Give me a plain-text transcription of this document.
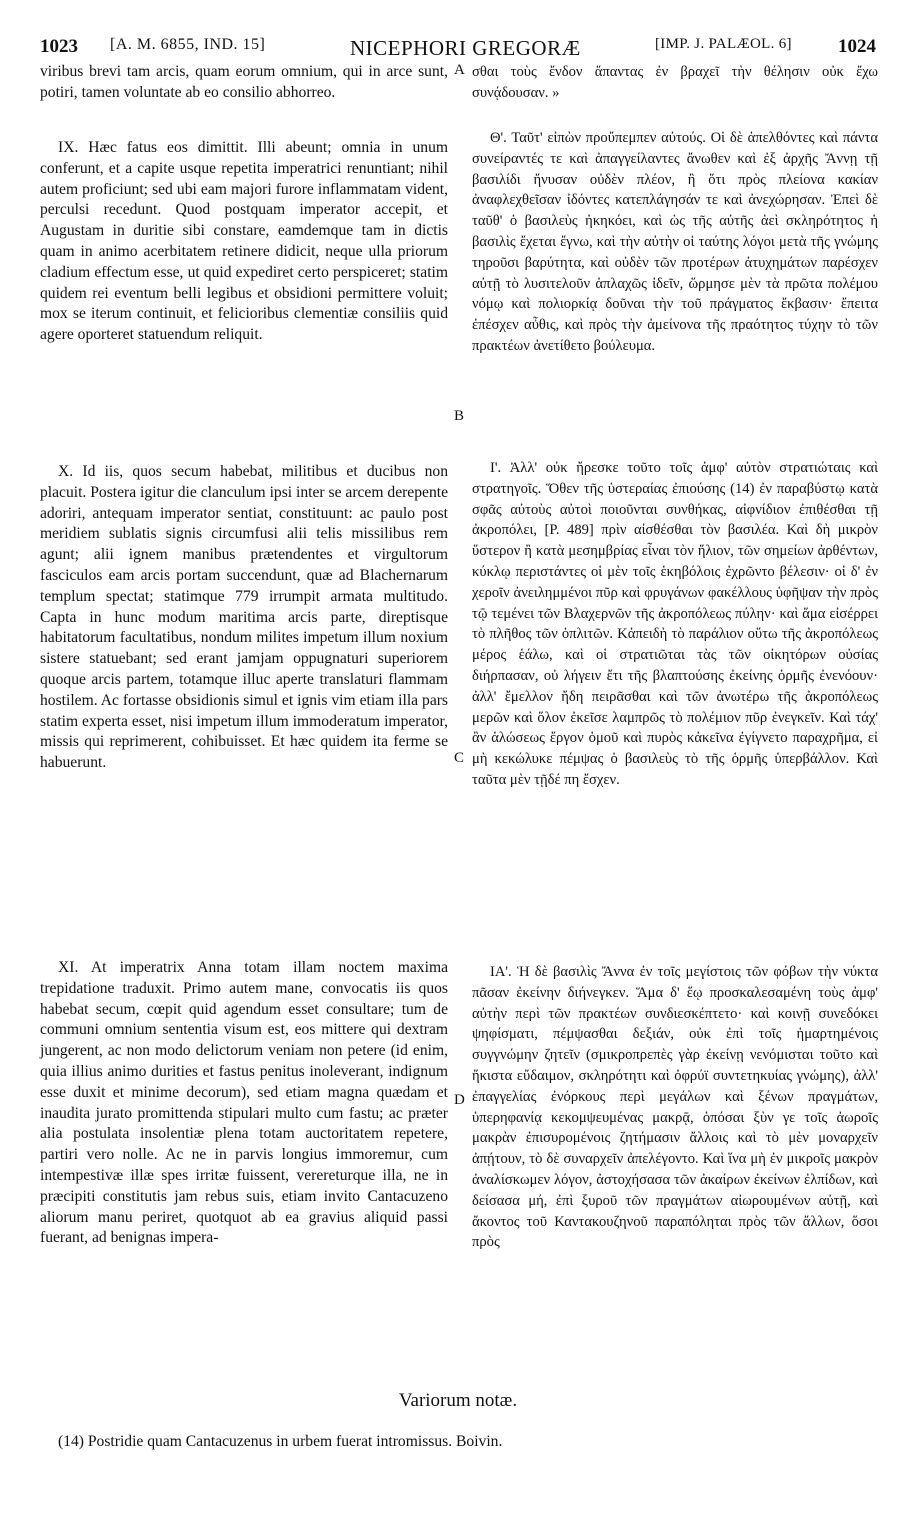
1023 [A. M. 6855, IND. 15]	NICEPHORI GREGORÆ	[IMP. J. PALÆOL. 6] 1024

viribus brevi tam arcis, quam eorum omnium, qui in arce sunt, potiri, tamen voluntate ab eo consilio abhorreo.

IX. Hæc fatus eos dimittit. Illi abeunt; omnia in unum conferunt, et a capite usque repetita imperatrici renuntiant; nihil autem proficiunt; sed ubi eam majori furore inflammatam vident, perculsi recedunt. Quod postquam imperator accepit, et Augustam in duritie sibi constare, eamdemque tam in dictis quam in animo acerbitatem retinere didicit, neque ulla priorum cladium effectum esse, ut quid expediret certo perspiceret; statim quidem rei eventum belli legibus et obsidioni permittere voluit; mox se iterum continuit, et felicioribus clementiæ consiliis quid agere oporteret statuendum reliquit.

X. Id iis, quos secum habebat, militibus et ducibus non placuit. Postera igitur die clanculum ipsi inter se arcem derepente adoriri, antequam imperator sentiat, constituunt: ac paulo post meridiem sublatis signis circumfusi alii telis missilibus rem agunt; alii ignem manibus prætendentes et virgultorum fasciculos eam arcis portam succendunt, quæ ad Blachernarum templum spectat; statimque 779 irrumpit armata multitudo. Capta in hunc modum maritima arcis parte, direptisque habitatorum facultatibus, nondum milites impetum illum noxium sistere statuebant; sed erant jamjam oppugnaturi superiorem quoque arcis partem, totamque illuc aperte translaturi flammam hostilem. Ac fortasse obsidionis simul et ignis vim etiam illa pars statim experta esset, nisi impetum illum immoderatum imperator, missis qui reprimerent, cohibuisset. Et hæc quidem ita ferme se habuerunt.

XI. At imperatrix Anna totam illam noctem maxima trepidatione traduxit. Primo autem mane, convocatis iis quos habebat secum, cœpit quid agendum esset consultare; tum de communi omnium sententia visum est, eos mittere qui dextram jungerent, ac non modo delictorum veniam non petere (id enim, quia illius animo durities et fastus penitus inoleverant, indignum esse duxit et minime decorum), sed etiam magna quædam et inaudita jurato promittenda stipulari multo cum fastu; ac præter alia postulata insolentiæ plena totam auctoritatem repetere, partiri vero nolle. Ac ne in parvis longius immoremur, cum intempestivæ illæ spes irritæ fuissent, verereturque illa, ne in præcipiti constitutis jam rebus suis, etiam invito Cantacuzeno aliorum manu periret, quotquot ab ea gravius aliquid passi fuerant, ad benignas impera-

A
B
C
D

σθαι τοὺς ἔνδον ἅπαντας ἐν βραχεῖ τὴν θέλησιν οὐκ ἔχω συνᾴδουσαν. »

Θ'. Ταῦτ' εἰπὼν προὔπεμπεν αὐτούς. Οἱ δὲ ἀπελθόντες καὶ πάντα συνείραντές τε καὶ ἀπαγγείλαντες ἄνωθεν καὶ ἐξ ἀρχῆς Ἄννῃ τῇ βασιλίδι ἤνυσαν οὐδὲν πλέον, ἢ ὅτι πρὸς πλείονα κακίαν ἀναφλεχθεῖσαν ἰδόντες κατεπλάγησάν τε καὶ ἀνεχώρησαν. Ἐπεὶ δὲ ταῦθ' ὁ βασιλεὺς ἠκηκόει, καὶ ὡς τῆς αὐτῆς ἀεὶ σκληρότητος ἡ βασιλὶς ἔχεται ἔγνω, καὶ τὴν αὐτὴν οἱ ταύτης λόγοι μετὰ τῆς γνώμης τηροῦσι βαρύτητα, καὶ οὐδὲν τῶν προτέρων ἀτυχημάτων παρέσχεν αὐτῇ τὸ λυσιτελοῦν ἁπλαχῶς ἰδεῖν, ὥρμησε μὲν τὰ πρῶτα πολέμου νόμῳ καὶ πολιορκίᾳ δοῦναι τὴν τοῦ πράγματος ἔκβασιν· ἔπειτα ἐπέσχεν αὖθις, καὶ πρὸς τὴν ἀμείνονα τῆς πραότητος τύχην τὸ τῶν πρακτέων ἀνετίθετο βούλευμα.

Ι'. Ἀλλ' οὐκ ἤρεσκε τοῦτο τοῖς ἀμφ' αὐτὸν στρατιώταις καὶ στρατηγοῖς. Ὅθεν τῆς ὑστεραίας ἐπιούσης (14) ἐν παραβύστῳ κατὰ σφᾶς αὐτοὺς αὐτοὶ ποιοῦνται συνθήκας, αἰφνίδιον ἐπιθέσθαι τῇ ἀκροπόλει, [P. 489] πρὶν αἰσθέσθαι τὸν βασιλέα. Καὶ δὴ μικρὸν ὕστερον ἢ κατὰ μεσημβρίας εἶναι τὸν ἥλιον, τῶν σημείων ἀρθέντων, κύκλῳ περιστάντες οἱ μὲν τοῖς ἑκηβόλοις ἐχρῶντο βέλεσιν· οἱ δ' ἐν χεροῖν ἀνειλημμένοι πῦρ καὶ φρυγάνων φακέλλους ὑφῆψαν τὴν πρὸς τῷ τεμένει τῶν Βλαχερνῶν τῆς ἀκροπόλεως πύλην· καὶ ἅμα εἰσέρρει τὸ πλῆθος τῶν ὁπλιτῶν. Κἀπειδὴ τὸ παράλιον οὕτω τῆς ἀκροπόλεως μέρος ἑάλω, καὶ οἱ στρατιῶται τὰς τῶν οἰκητόρων οὐσίας διήρπασαν, οὐ λήγειν ἔτι τῆς βλαπτούσης ἐκείνης ὁρμῆς ἐνενόουν· ἀλλ' ἔμελλον ἤδη πειρᾶσθαι καὶ τῶν ἀνωτέρω τῆς ἀκροπόλεως μερῶν καὶ ὅλον ἐκεῖσε λαμπρῶς τὸ πολέμιον πῦρ ἐνεγκεῖν. Καὶ τάχ' ἂν ἁλώσεως ἔργον ὁμοῦ καὶ πυρὸς κἀκεῖνα ἐγίγνετο παραχρῆμα, εἰ μὴ κεκώλυκε πέμψας ὁ βασιλεὺς τὸ τῆς ὁρμῆς ὑπερβάλλον. Καὶ ταῦτα μὲν τῇδέ πη ἔσχεν.

ΙΑ'. Ἡ δὲ βασιλὶς Ἄννα ἐν τοῖς μεγίστοις τῶν φόβων τὴν νύκτα πᾶσαν ἐκείνην διήνεγκεν. Ἅμα δ' ἕῳ προσκαλεσαμένη τοὺς ἀμφ' αὐτὴν περὶ τῶν πρακτέων συνδιεσκέπτετο· καὶ κοινῇ συνεδόκει ψηφίσματι, πέμψασθαι δεξιάν, οὐκ ἐπὶ τοῖς ἡμαρτημένοις συγγνώμην ζητεῖν (σμικροπρεπὲς γὰρ ἐκείνῃ νενόμισται τοῦτο καὶ ἥκιστα εὔδαιμον, σκληρότητι καὶ ὀφρύϊ συντετηκυίας γνώμης), ἀλλ' ἐπαγγελίας ἐνόρκους περὶ μεγάλων καὶ ξένων πραγμάτων, ὑπερηφανίᾳ κεκομψευμένας μακρᾷ, ὁπόσαι ξὺν γε τοῖς ἀωροῖς μακρὰν ἐπισυρομένοις ζητήμασιν ἄλλοις καὶ τὸ μὲν μοναρχεῖν ἀπῄτουν, τὸ δὲ συναρχεῖν ἀπελέγοντο. Καὶ ἵνα μὴ ἐν μικροῖς μακρὸν ἀναλίσκωμεν λόγον, ἀστοχήσασα τῶν ἀκαίρων ἐκείνων ἐλπίδων, καὶ δείσασα μή, ἐπὶ ξυροῦ τῶν πραγμάτων αἰωρουμένων αὐτῇ, καὶ ἄκοντος τοῦ Καντακουζηνοῦ παραπόληται πρὸς τῶν ἄλλων, ὅσοι πρὸς

Variorum notæ.
(14) Postridie quam Cantacuzenus in urbem fuerat intromissus. Boivin.
